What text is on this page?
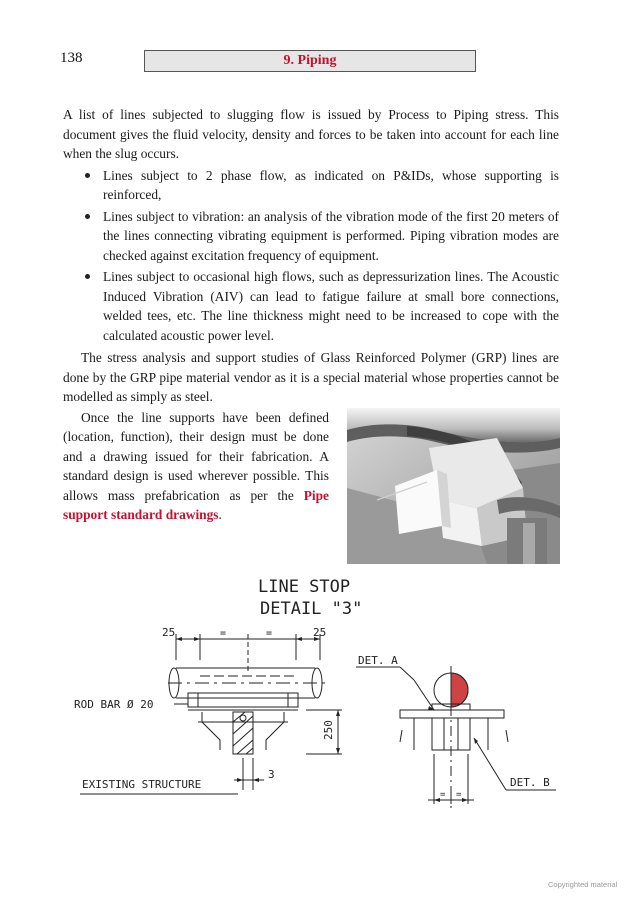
138	9. Piping

A list of lines subjected to slugging flow is issued by Process to Piping stress. This document gives the fluid velocity, density and forces to be taken into account for each line when the slug occurs.

Lines subject to 2 phase flow, as indicated on P&IDs, whose supporting is reinforced,
Lines subject to vibration: an analysis of the vibration mode of the first 20 meters of the lines connecting vibrating equipment is performed. Piping vibration modes are checked against excitation frequency of equipment.
Lines subject to occasional high flows, such as depressurization lines. The Acoustic Induced Vibration (AIV) can lead to fatigue failure at small bore connections, welded tees, etc. The line thickness might need to be increased to cope with the calculated acoustic power level.
The stress analysis and support studies of Glass Reinforced Polymer (GRP) lines are done by the GRP pipe material vendor as it is a special material whose properties cannot be modelled as simply as steel.
Once the line supports have been defined (location, function), their design must be done and a drawing issued for their fabrication. A standard design is used wherever possible. This allows mass prefabrication as per the Pipe support standard drawings.
LINE STOP
DETAIL "3"
25	=	=	25
ROD BAR Ø 20
250
EXISTING STRUCTURE
3
DET. A
DET. B
= =
Copyrighted material
